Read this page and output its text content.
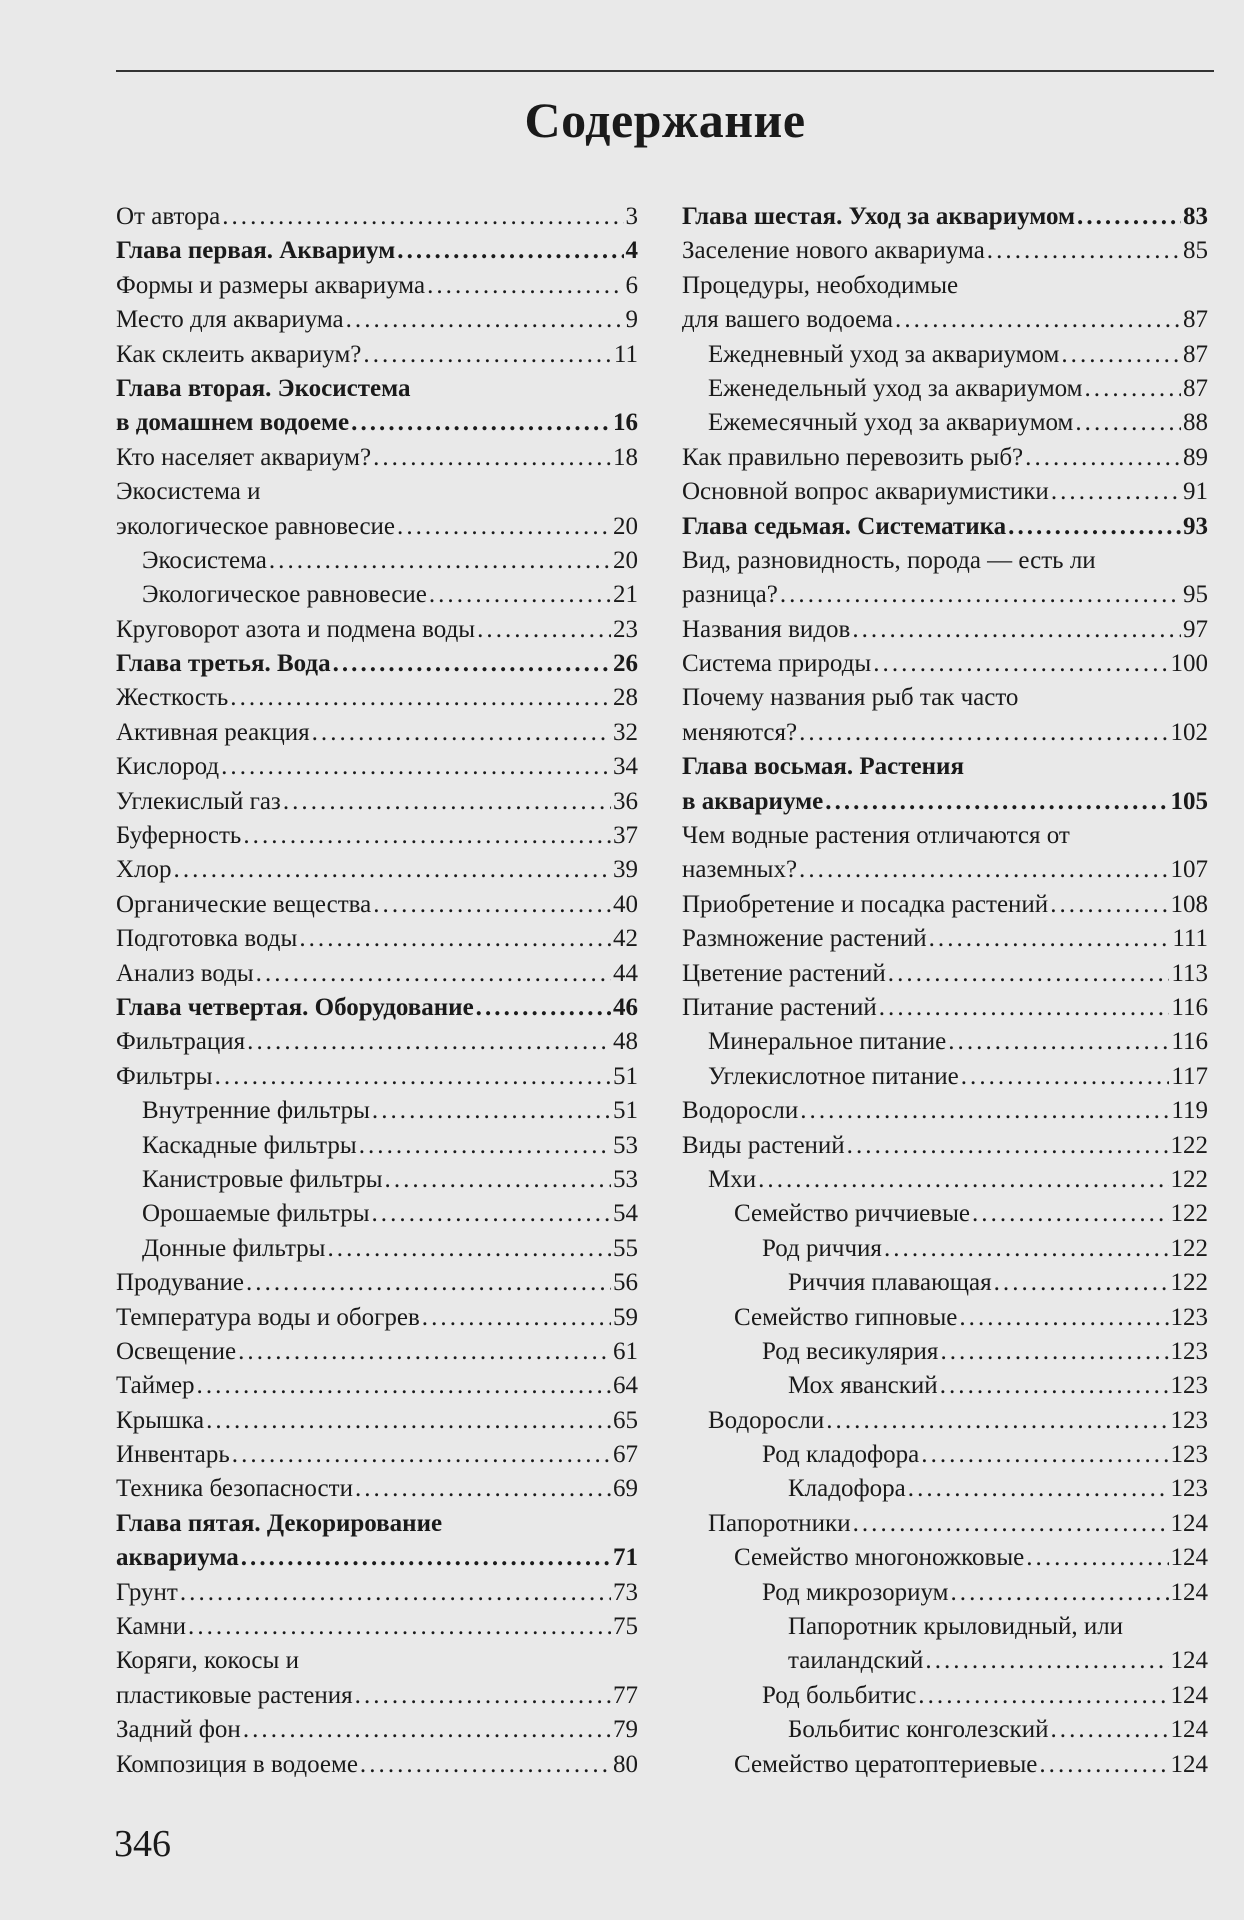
Содержание
От автора . . .	3
Глава первая. Аквариум . . .	4
Формы и размеры аквариума . . .	6
Место для аквариума . . .	9
Как склеить аквариум? . . .	11
Глава вторая. Экосистема
в домашнем водоеме . . .	16
Кто населяет аквариум? . . .	18
Экосистема и
экологическое равновесие . . .	20
Экосистема . . .	20
Экологическое равновесие . . .	21
Круговорот азота и подмена воды . . .	23
Глава третья. Вода . . .	26
Жесткость . . .	28
Активная реакция . . .	32
Кислород . . .	34
Углекислый газ . . .	36
Буферность . . .	37
Хлор . . .	39
Органические вещества . . .	40
Подготовка воды . . .	42
Анализ воды . . .	44
Глава четвертая. Оборудование . . .	46
Фильтрация . . .	48
Фильтры . . .	51
Внутренние фильтры . . .	51
Каскадные фильтры . . .	53
Канистровые фильтры . . .	53
Орошаемые фильтры . . .	54
Донные фильтры . . .	55
Продувание . . .	56
Температура воды и обогрев . . .	59
Освещение . . .	61
Таймер . . .	64
Крышка . . .	65
Инвентарь . . .	67
Техника безопасности . . .	69
Глава пятая. Декорирование
аквариума . . .	71
Грунт . . .	73
Камни . . .	75
Коряги, кокосы и
пластиковые растения . . .	77
Задний фон . . .	79
Композиция в водоеме . . .	80
Глава шестая. Уход за аквариумом . . .	83
Заселение нового аквариума . . .	85
Процедуры, необходимые
для вашего водоема . . .	87
Ежедневный уход за аквариумом . . .	87
Еженедельный уход за аквариумом . . .	87
Ежемесячный уход за аквариумом . . .	88
Как правильно перевозить рыб? . . .	89
Основной вопрос аквариумистики . . .	91
Глава седьмая. Систематика . . .	93
Вид, разновидность, порода — есть ли
разница? . . .	95
Названия видов . . .	97
Система природы . . .	100
Почему названия рыб так часто
меняются? . . .	102
Глава восьмая. Растения
в аквариуме . . .	105
Чем водные растения отличаются от
наземных? . . .	107
Приобретение и посадка растений . . .	108
Размножение растений . . .	111
Цветение растений . . .	113
Питание растений . . .	116
Минеральное питание . . .	116
Углекислотное питание . . .	117
Водоросли . . .	119
Виды растений . . .	122
Мхи . . .	122
Семейство риччиевые . . .	122
Род риччия . . .	122
Риччия плавающая . . .	122
Семейство гипновые . . .	123
Род весикулярия . . .	123
Мох яванский . . .	123
Водоросли . . .	123
Род кладофора . . .	123
Кладофора . . .	123
Папоротники . . .	124
Семейство многоножковые . . .	124
Род микрозориум . . .	124
Папоротник крыловидный, или
таиландский . . .	124
Род больбитис . . .	124
Больбитис конголезский . . .	124
Семейство цератоптериевые . . .	124
346
